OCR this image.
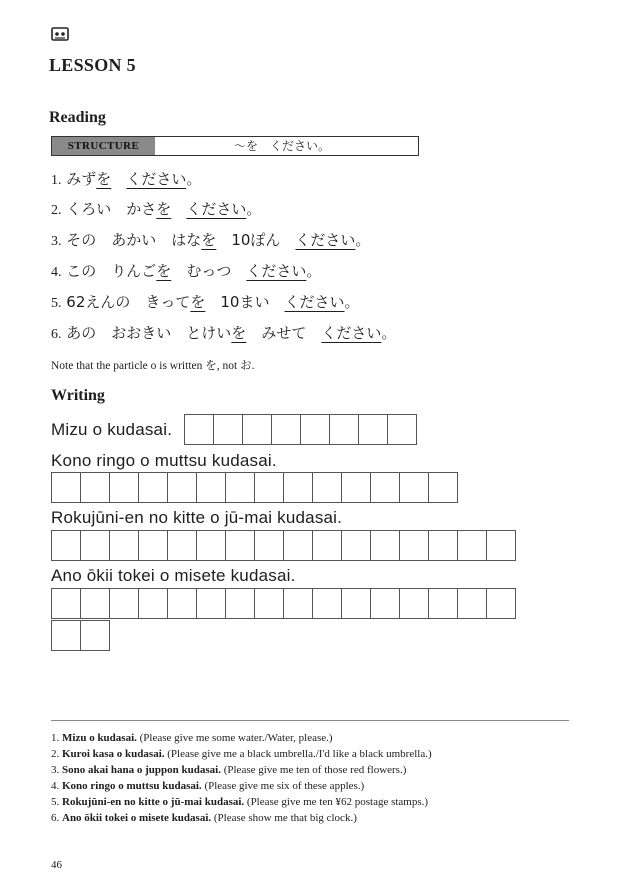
LESSON 5
Reading
STRUCTURE	〜を　ください。
1. みずを　 ください。
2. くろい　かさを　 ください。
3. その　あかい　はなを　10ぽん　ください。
4. この　りんごを　むっつ　ください。
5. 62えんの　きってを　10まい　ください。
6. あの　おおきい　とけいを　みせて　ください。
Note that the particle o is written を, not お.
Writing
Mizu o kudasai.
Kono ringo o muttsu kudasai.
Rokujūni-en no kitte o jū-mai kudasai.
Ano ōkii tokei o misete kudasai.
1. Mizu o kudasai. (Please give me some water./Water, please.)
2. Kuroi kasa o kudasai. (Please give me a black umbrella./I'd like a black umbrella.)
3. Sono akai hana o juppon kudasai. (Please give me ten of those red flowers.)
4. Kono ringo o muttsu kudasai. (Please give me six of these apples.)
5. Rokujūni-en no kitte o jū-mai kudasai. (Please give me ten ¥62 postage stamps.)
6. Ano ōkii tokei o misete kudasai. (Please show me that big clock.)
46
